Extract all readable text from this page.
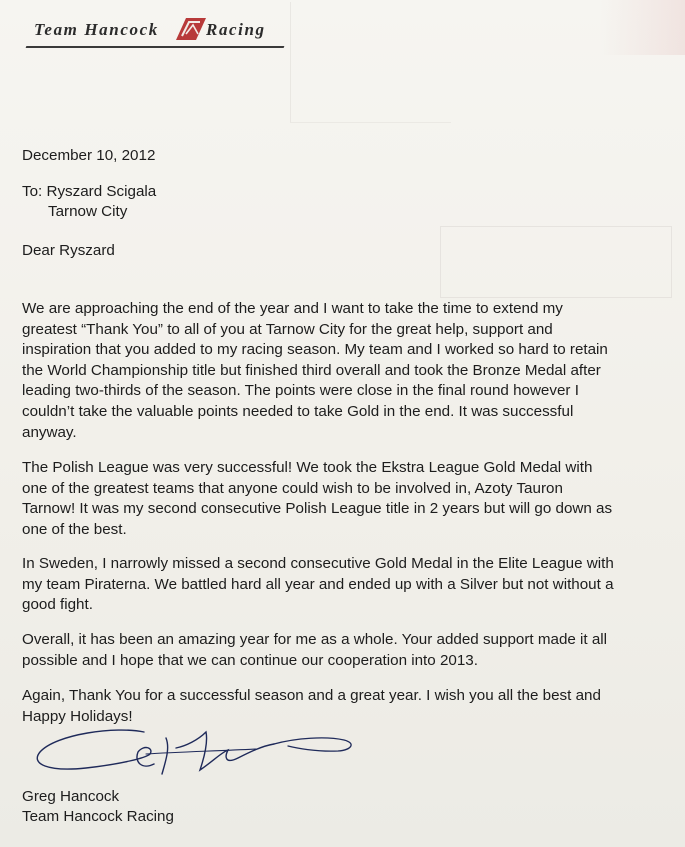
Team Hancock	Racing
December 10, 2012
To: Ryszard Scigala
Tarnow City
Dear Ryszard
We are approaching the end of the year and I want to take the time to extend my
greatest “Thank You” to all of you at Tarnow City for the great help, support and
inspiration that you added to my racing season. My team and I worked so hard to retain
the World Championship title but finished third overall and took the Bronze Medal after
leading two-thirds of the season. The points were close in the final round however I
couldn’t take the valuable points needed to take Gold in the end. It was successful
anyway.
The Polish League was very successful! We took the Ekstra League Gold Medal with
one of the greatest teams that anyone could wish to be involved in, Azoty Tauron
Tarnow! It was my second consecutive Polish League title in 2 years but will go down as
one of the best.
In Sweden, I narrowly missed a second consecutive Gold Medal in the Elite League with
my team Piraterna. We battled hard all year and ended up with a Silver but not without a
good fight.
Overall, it has been an amazing year for me as a whole. Your added support made it all
possible and I hope that we can continue our cooperation into 2013.
Again, Thank You for a successful season and a great year. I wish you all the best and
Happy Holidays!
Greg Hancock
Team Hancock Racing
